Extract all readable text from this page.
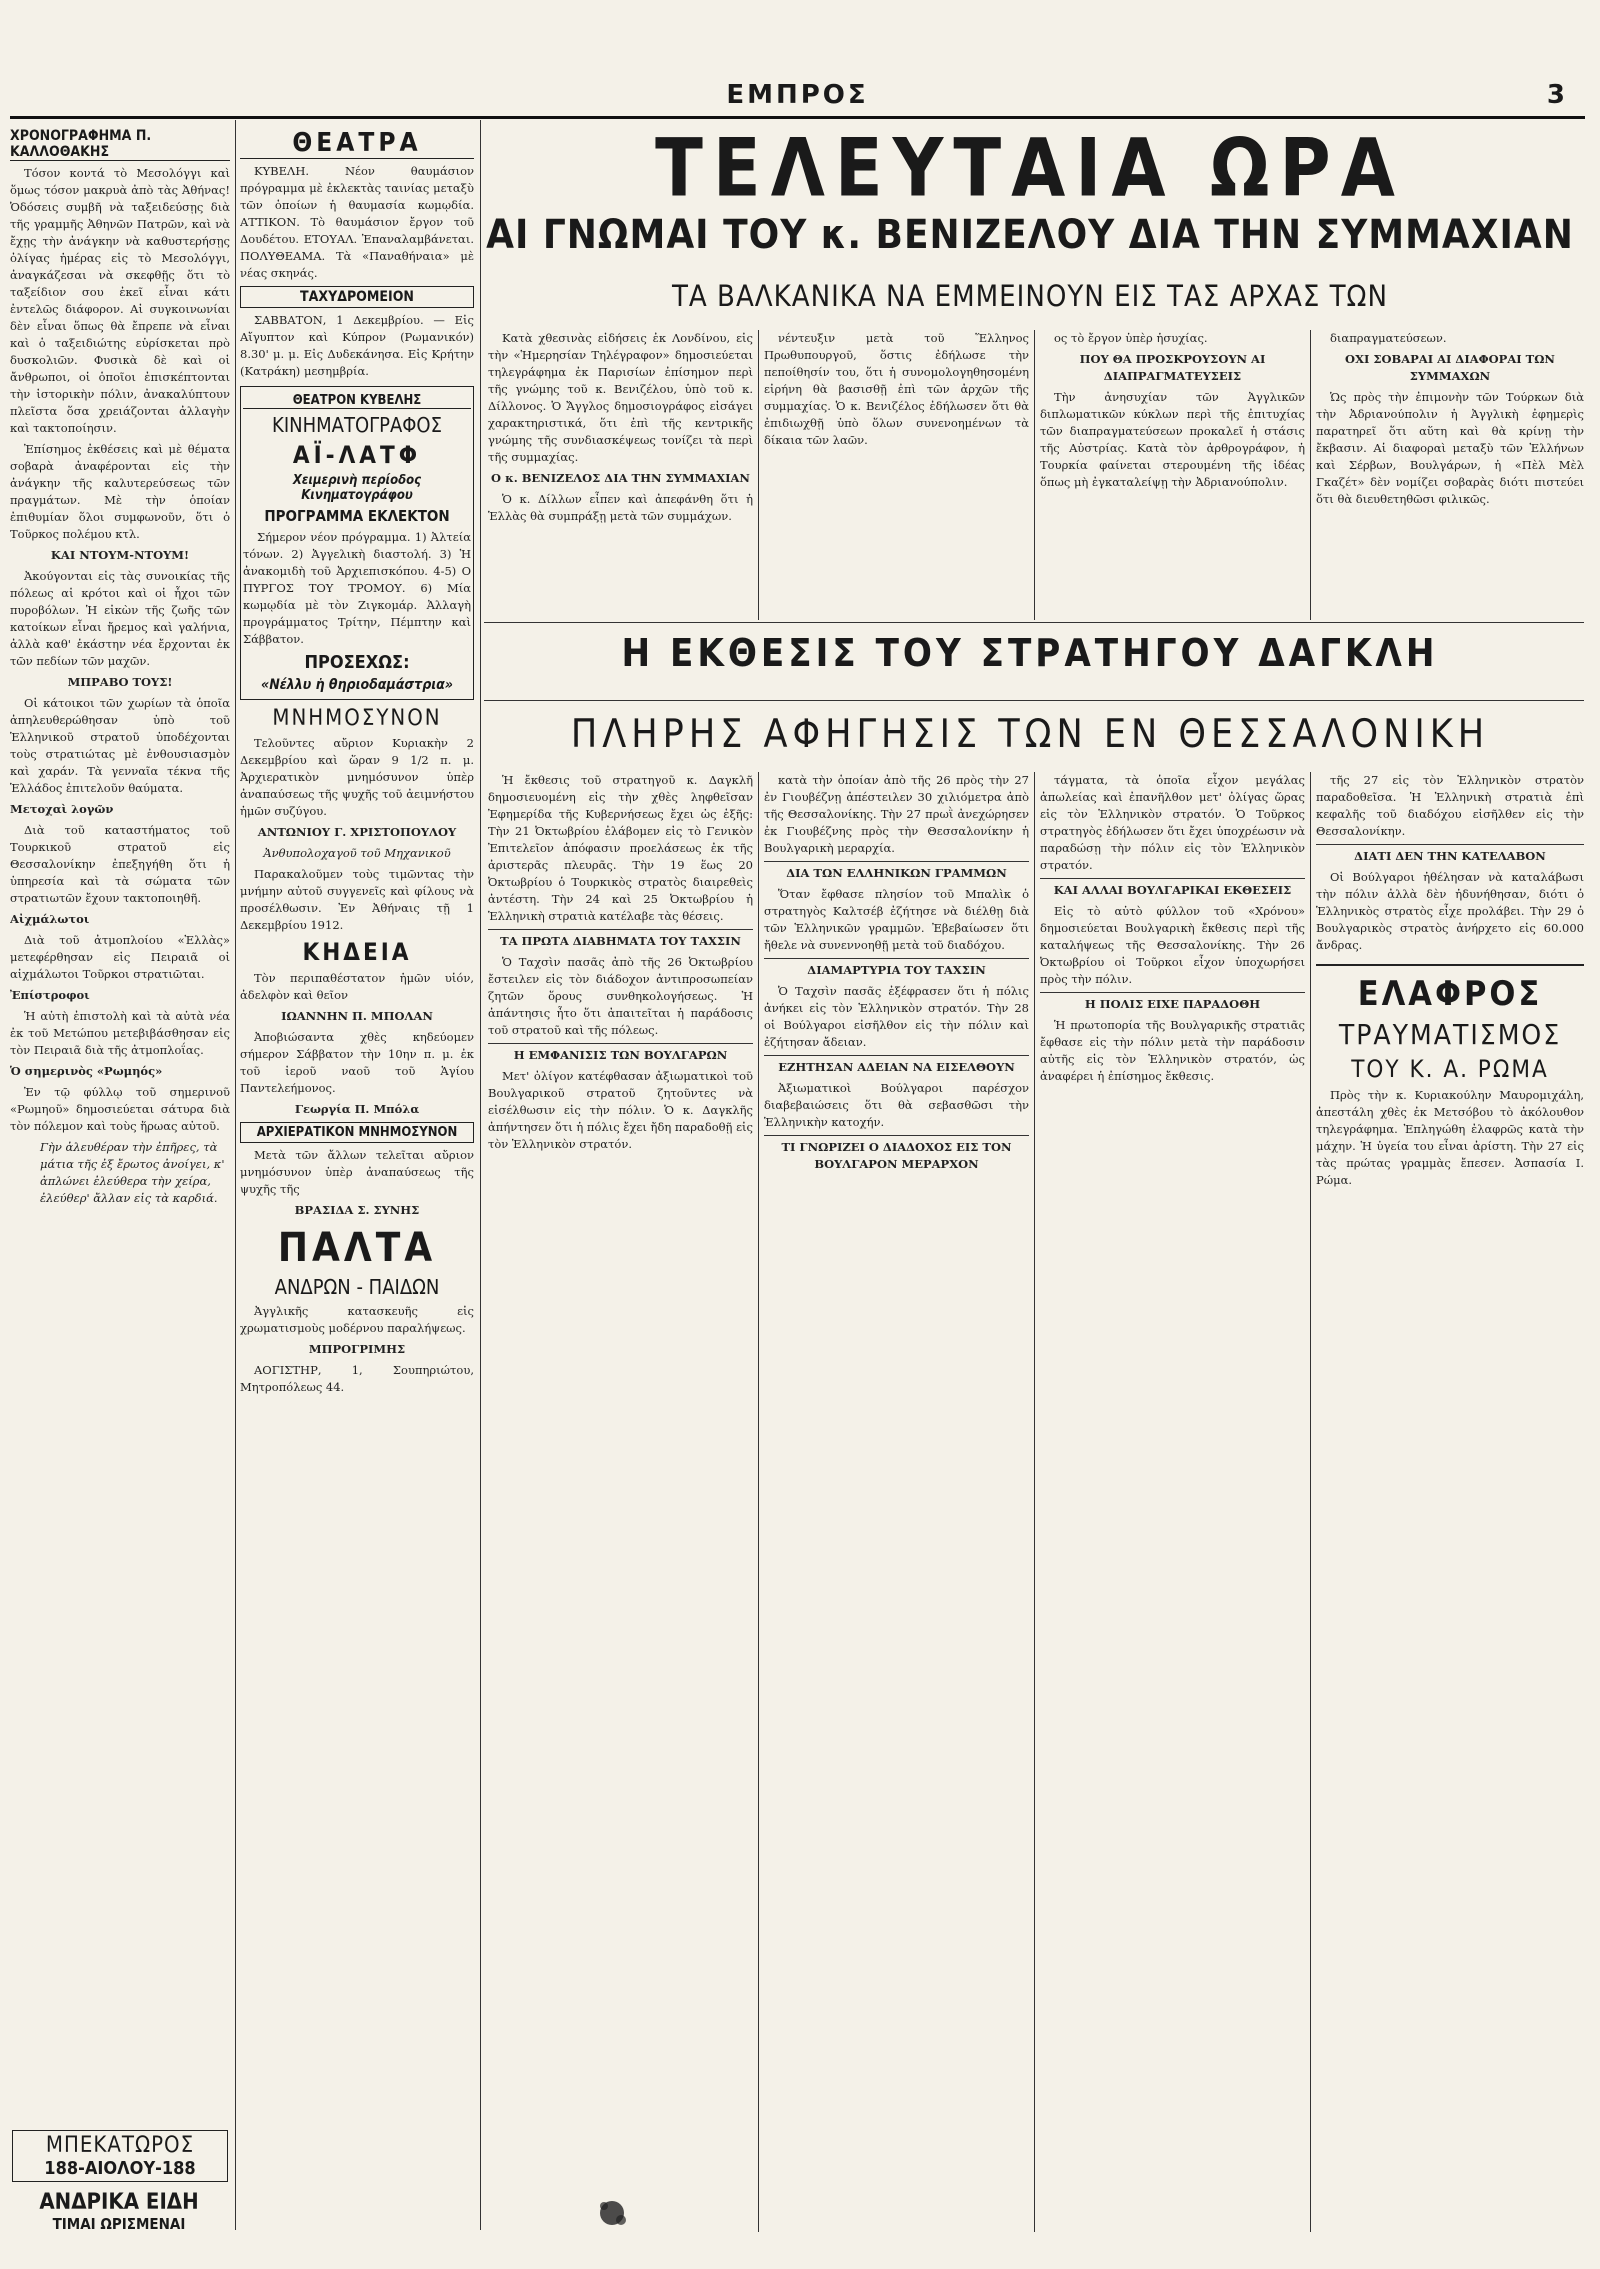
ΕΜΠΡΟΣ	3
ΧΡΟΝΟΓΡΑΦΗΜΑ Π. ΚΑΛΛΟΘΑΚΗΣ

Τόσον κοντά τὸ Μεσολόγγι καὶ ὅμως τόσον μακρυὰ ἀπὸ τὰς Ἀθήνας! Ὁδόσεις συμβῆ νὰ ταξειδεύσῃς διὰ τῆς γραμμῆς Ἀθηνῶν Πατρῶν, καὶ νὰ ἔχῃς τὴν ἀνάγκην νὰ καθυστερήσῃς ὀλίγας ἡμέρας εἰς τὸ Μεσολόγγι, ἀναγκάζεσαι νὰ σκεφθῇς ὅτι τὸ ταξείδιον σου ἐκεῖ εἶναι κάτι ἐντελῶς διάφορον. Αἱ συγκοινωνίαι δὲν εἶναι ὅπως θὰ ἔπρεπε νὰ εἶναι καὶ ὁ ταξειδιώτης εὑρίσκεται πρὸ δυσκολιῶν. Φυσικὰ δὲ καὶ οἱ ἄνθρωποι, οἱ ὁποῖοι ἐπισκέπτονται τὴν ἱστορικὴν πόλιν, ἀνακαλύπτουν πλεῖστα ὅσα χρειάζονται ἀλλαγὴν καὶ τακτοποίησιν.

Ἐπίσημος ἐκθέσεις καὶ μὲ θέματα σοβαρὰ ἀναφέρονται εἰς τὴν ἀνάγκην τῆς καλυτερεύσεως τῶν πραγμάτων. Μὲ τὴν ὁποίαν ἐπιθυμίαν ὅλοι συμφωνοῦν, ὅτι ὁ Τοῦρκος πολέμου κτλ.

ΚΑΙ ΝΤΟΥΜ-ΝΤΟΥΜ!

Ἀκούγονται εἰς τὰς συνοικίας τῆς πόλεως αἱ κρότοι καὶ οἱ ἦχοι τῶν πυροβόλων. Ἡ εἰκὼν τῆς ζωῆς τῶν κατοίκων εἶναι ἤρεμος καὶ γαλήνια, ἀλλὰ καθ' ἑκάστην νέα ἔρχονται ἐκ τῶν πεδίων τῶν μαχῶν.

ΜΠΡΑΒΟ ΤΟΥΣ!

Οἱ κάτοικοι τῶν χωρίων τὰ ὁποῖα ἀπηλευθερώθησαν ὑπὸ τοῦ Ἑλληνικοῦ στρατοῦ ὑποδέχονται τοὺς στρατιώτας μὲ ἐνθουσιασμὸν καὶ χαράν. Τὰ γενναῖα τέκνα τῆς Ἑλλάδος ἐπιτελοῦν θαύματα.

Μετοχαὶ λογῶν

Διὰ τοῦ καταστήματος τοῦ Τουρκικοῦ στρατοῦ εἰς Θεσσαλονίκην ἐπεξηγήθη ὅτι ἡ ὑπηρεσία καὶ τὰ σώματα τῶν στρατιωτῶν ἔχουν τακτοποιηθῆ.

Αἰχμάλωτοι

Διὰ τοῦ ἀτμοπλοίου «Ἑλλὰς» μετεφέρθησαν εἰς Πειραιᾶ οἱ αἰχμάλωτοι Τοῦρκοι στρατιῶται.

Ἐπίστροφοι

Ἡ αὐτὴ ἐπιστολὴ καὶ τὰ αὐτὰ νέα ἐκ τοῦ Μετώπου μετεβιβάσθησαν εἰς τὸν Πειραιᾶ διὰ τῆς ἀτμοπλοΐας.

Ὁ σημερινὸς «Ρωμηός»

Ἐν τῷ φύλλῳ τοῦ σημερινοῦ «Ρωμηοῦ» δημοσιεύεται σάτυρα διὰ τὸν πόλεμον καὶ τοὺς ἥρωας αὐτοῦ.

Γὴν ἀλευθέραν τὴν ἐπῆρες, τὰ μάτια τῆς ἐξ ἔρωτος ἀνοίγει, κ' ἀπλώνει ἐλεύθερα τὴν χείρα, ἐλεύθερ' ἄλλαν εἰς τὰ καρδιά.

ΜΠΕΚΑΤΩΡΟΣ
188-ΑΙΟΛΟΥ-188
ΑΝΔΡΙΚΑ ΕΙΔΗ
ΤΙΜΑΙ ΩΡΙΣΜΕΝΑΙ
ΘΕΑΤΡΑ

ΚΥΒΕΛΗ. Νέον θαυμάσιον πρόγραμμα μὲ ἐκλεκτὰς ταινίας μεταξὺ τῶν ὁποίων ἡ θαυμασία κωμῳδία. ΑΤΤΙΚΟΝ. Τὸ θαυμάσιον ἔργον τοῦ Δουδέτου. ΕΤΟΥΑΛ. Ἐπαναλαμβάνεται. ΠΟΛΥΘΕΑΜΑ. Τὰ «Παναθήναια» μὲ νέας σκηνάς.

ΤΑΧΥΔΡΟΜΕΙΟΝ

ΣΑΒΒΑΤΟΝ, 1 Δεκεμβρίου. — Εἰς Αἴγυπτον καὶ Κύπρον (Ρωμανικόν) 8.30' μ. μ. Εἰς Δυδεκάνησα. Εἰς Κρήτην (Κατράκη) μεσημβρία.

ΘΕΑΤΡΟΝ ΚΥΒΕΛΗΣ
ΚΙΝΗΜΑΤΟΓΡΑΦΟΣ
ΑΪ-ΛΑΤΦ
Χειμερινὴ περίοδος Κινηματογράφου
ΠΡΟΓΡΑΜΜΑ ΕΚΛΕΚΤΟΝ

Σήμερον νέον πρόγραμμα. 1) Ἀλτεία τόνων. 2) Ἀγγελικὴ διαστολή. 3) Ἡ ἀνακομιδὴ τοῦ Ἀρχιεπισκόπου. 4-5) Ο ΠΥΡΓΟΣ ΤΟΥ ΤΡΟΜΟΥ. 6) Μία κωμῳδία μὲ τὸν Ζιγκομάρ. Ἀλλαγὴ προγράμματος Τρίτην, Πέμπτην καὶ Σάββατον.

ΠΡΟΣΕΧΩΣ:
«Νέλλυ ἡ θηριοδαμάστρια»
ΜΝΗΜΟΣΥΝΟΝ

Τελοῦντες αὔριον Κυριακὴν 2 Δεκεμβρίου καὶ ὥραν 9 1/2 π. μ. Ἀρχιερατικὸν μνημόσυνον ὑπὲρ ἀναπαύσεως τῆς ψυχῆς τοῦ ἀειμνήστου ἡμῶν συζύγου.

ΑΝΤΩΝΙΟΥ Γ. ΧΡΙΣΤΟΠΟΥΛΟΥ

Ἀνθυπολοχαγοῦ τοῦ Μηχανικοῦ

Παρακαλοῦμεν τοὺς τιμῶντας τὴν μνήμην αὐτοῦ συγγενεῖς καὶ φίλους νὰ προσέλθωσιν. Ἐν Ἀθήναις τῇ 1 Δεκεμβρίου 1912.

ΚΗΔΕΙΑ

Τὸν περιπαθέστατον ἡμῶν υἱόν, ἀδελφὸν καὶ θεῖον

ΙΩΑΝΝΗΝ Π. ΜΠΟΛΑΝ

Ἀποβιώσαντα χθὲς κηδεύομεν σήμερον Σάββατον τὴν 10ην π. μ. ἐκ τοῦ ἱεροῦ ναοῦ τοῦ Ἁγίου Παντελεήμονος.

Γεωργία Π. Μπόλα

ΑΡΧΙΕΡΑΤΙΚΟΝ ΜΝΗΜΟΣΥΝΟΝ

Μετὰ τῶν ἄλλων τελεῖται αὔριον μνημόσυνον ὑπὲρ ἀναπαύσεως τῆς ψυχῆς τῆς

ΒΡΑΣΙΔΑ Σ. ΣΥΝΗΣ

ΠΑΛΤΑ
ΑΝΔΡΩΝ - ΠΑΙΔΩΝ

Ἀγγλικῆς κατασκευῆς εἰς χρωματισμοὺς μοδέρνου παραλήψεως.

ΜΠΡΟΓΡΙΜΗΣ

ΑΟΓΙΣΤΗΡ, 1, Σουπηριώτου, Μητροπόλεως 44.

ΤΕΛΕΥΤΑΙΑ ΩΡΑ
ΑΙ ΓΝΩΜΑΙ ΤΟΥ κ. ΒΕΝΙΖΕΛΟΥ ΔΙΑ ΤΗΝ ΣΥΜΜΑΧΙΑΝ
ΤΑ ΒΑΛΚΑΝΙΚΑ ΝΑ ΕΜΜΕΙΝΟΥΝ ΕΙΣ ΤΑΣ ΑΡΧΑΣ ΤΩΝ

Κατὰ χθεσινὰς εἰδήσεις ἐκ Λονδίνου, εἰς τὴν «Ἡμερησίαν Τηλέγραφον» δημοσιεύεται τηλεγράφημα ἐκ Παρισίων ἐπίσημον περὶ τῆς γνώμης τοῦ κ. Βενιζέλου, ὑπὸ τοῦ κ. Δίλλονος. Ὁ Ἄγγλος δημοσιογράφος εἰσάγει χαρακτηριστικά, ὅτι ἐπὶ τῆς κεντρικῆς γνώμης τῆς συνδιασκέψεως τονίζει τὰ περὶ τῆς συμμαχίας.

Ο κ. ΒΕΝΙΖΕΛΟΣ ΔΙΑ ΤΗΝ ΣΥΜΜΑΧΙΑΝ

Ὁ κ. Δίλλων εἶπεν καὶ ἀπεφάνθη ὅτι ἡ Ἑλλὰς θὰ συμπράξῃ μετὰ τῶν συμμάχων.

νέντευξιν μετὰ τοῦ Ἕλληνος Πρωθυπουργοῦ, ὅστις ἐδήλωσε τὴν πεποίθησίν του, ὅτι ἡ συνομολογηθησομένη εἰρήνη θὰ βασισθῇ ἐπὶ τῶν ἀρχῶν τῆς συμμαχίας. Ὁ κ. Βενιζέλος ἐδήλωσεν ὅτι θὰ ἐπιδιωχθῇ ὑπὸ ὅλων συνενοημένων τὰ δίκαια τῶν λαῶν.

ος τὸ ἔργον ὑπὲρ ἡσυχίας.

ΠΟΥ ΘΑ ΠΡΟΣΚΡΟΥΣΟΥΝ ΑΙ ΔΙΑΠΡΑΓΜΑΤΕΥΣΕΙΣ

Τὴν ἀνησυχίαν τῶν Ἀγγλικῶν διπλωματικῶν κύκλων περὶ τῆς ἐπιτυχίας τῶν διαπραγματεύσεων προκαλεῖ ἡ στάσις τῆς Αὐστρίας. Κατὰ τὸν ἀρθρογράφον, ἡ Τουρκία φαίνεται στερουμένη τῆς ἰδέας ὅπως μὴ ἐγκαταλείψῃ τὴν Ἀδριανούπολιν.

διαπραγματεύσεων.

ΟΧΙ ΣΟΒΑΡΑΙ ΑΙ ΔΙΑΦΟΡΑΙ ΤΩΝ ΣΥΜΜΑΧΩΝ

Ὡς πρὸς τὴν ἐπιμονὴν τῶν Τούρκων διὰ τὴν Ἀδριανούπολιν ἡ Ἀγγλικὴ ἐφημερὶς παρατηρεῖ ὅτι αὕτη καὶ θὰ κρίνῃ τὴν ἔκβασιν. Αἱ διαφοραὶ μεταξὺ τῶν Ἑλλήνων καὶ Σέρβων, Βουλγάρων, ἡ «Πὲλ Μὲλ Γκαζέτ» δὲν νομίζει σοβαρὰς διότι πιστεύει ὅτι θὰ διευθετηθῶσι φιλικῶς.

Η ΕΚΘΕΣΙΣ ΤΟΥ ΣΤΡΑΤΗΓΟΥ ΔΑΓΚΛΗ
ΠΛΗΡΗΣ ΑΦΗΓΗΣΙΣ ΤΩΝ ΕΝ ΘΕΣΣΑΛΟΝΙΚΗ

Ἡ ἔκθεσις τοῦ στρατηγοῦ κ. Δαγκλῆ δημοσιευομένη εἰς τὴν χθὲς ληφθεῖσαν Ἐφημερίδα τῆς Κυβερνήσεως ἔχει ὡς ἑξῆς: Τὴν 21 Ὀκτωβρίου ἐλάβομεν εἰς τὸ Γενικὸν Ἐπιτελεῖον ἀπόφασιν προελάσεως ἐκ τῆς ἀριστερᾶς πλευρᾶς. Τὴν 19 ἕως 20 Ὀκτωβρίου ὁ Τουρκικὸς στρατὸς διαιρεθεὶς ἀντέστη. Τὴν 24 καὶ 25 Ὀκτωβρίου ἡ Ἑλληνικὴ στρατιὰ κατέλαβε τὰς θέσεις.

ΤΑ ΠΡΩΤΑ ΔΙΑΒΗΜΑΤΑ ΤΟΥ ΤΑΧΣΙΝ

Ὁ Ταχσὶν πασᾶς ἀπὸ τῆς 26 Ὀκτωβρίου ἔστειλεν εἰς τὸν διάδοχον ἀντιπροσωπείαν ζητῶν ὅρους συνθηκολογήσεως. Ἡ ἀπάντησις ἦτο ὅτι ἀπαιτεῖται ἡ παράδοσις τοῦ στρατοῦ καὶ τῆς πόλεως.

Η ΕΜΦΑΝΙΣΙΣ ΤΩΝ ΒΟΥΛΓΑΡΩΝ

Μετ' ὀλίγον κατέφθασαν ἀξιωματικοὶ τοῦ Βουλγαρικοῦ στρατοῦ ζητοῦντες νὰ εἰσέλθωσιν εἰς τὴν πόλιν. Ὁ κ. Δαγκλῆς ἀπήντησεν ὅτι ἡ πόλις ἔχει ἤδη παραδοθῇ εἰς τὸν Ἑλληνικὸν στρατόν.

κατὰ τὴν ὁποίαν ἀπὸ τῆς 26 πρὸς τὴν 27 ἐν Γιουβέζνῃ ἀπέστειλεν 30 χιλιόμετρα ἀπὸ τῆς Θεσσαλονίκης. Τὴν 27 πρωῒ ἀνεχώρησεν ἐκ Γιουβέζνης πρὸς τὴν Θεσσαλονίκην ἡ Βουλγαρικὴ μεραρχία.

ΔΙΑ ΤΩΝ ΕΛΛΗΝΙΚΩΝ ΓΡΑΜΜΩΝ

Ὅταν ἔφθασε πλησίον τοῦ Μπαλὶκ ὁ στρατηγὸς Καλτσέβ ἐζήτησε νὰ διέλθῃ διὰ τῶν Ἑλληνικῶν γραμμῶν. Ἐβεβαίωσεν ὅτι ἤθελε νὰ συνεννοηθῇ μετὰ τοῦ διαδόχου.

ΔΙΑΜΑΡΤΥΡΙΑ ΤΟΥ ΤΑΧΣΙΝ

Ὁ Ταχσὶν πασᾶς ἐξέφρασεν ὅτι ἡ πόλις ἀνήκει εἰς τὸν Ἑλληνικὸν στρατόν. Τὴν 28 οἱ Βούλγαροι εἰσῆλθον εἰς τὴν πόλιν καὶ ἐζήτησαν ἄδειαν.

ΕΖΗΤΗΣΑΝ ΑΔΕΙΑΝ ΝΑ ΕΙΣΕΛΘΟΥΝ

Ἀξιωματικοὶ Βούλγαροι παρέσχον διαβεβαιώσεις ὅτι θὰ σεβασθῶσι τὴν Ἑλληνικὴν κατοχήν.

ΤΙ ΓΝΩΡΙΖΕΙ Ο ΔΙΑΔΟΧΟΣ ΕΙΣ ΤΟΝ ΒΟΥΛΓΑΡΟΝ ΜΕΡΑΡΧΟΝ

τάγματα, τὰ ὁποῖα εἶχον μεγάλας ἀπωλείας καὶ ἐπανῆλθον μετ' ὀλίγας ὥρας εἰς τὸν Ἑλληνικὸν στρατόν. Ὁ Τοῦρκος στρατηγὸς ἐδήλωσεν ὅτι ἔχει ὑποχρέωσιν νὰ παραδώσῃ τὴν πόλιν εἰς τὸν Ἑλληνικὸν στρατόν.

ΚΑΙ ΑΛΛΑΙ ΒΟΥΛΓΑΡΙΚΑΙ ΕΚΘΕΣΕΙΣ

Εἰς τὸ αὐτὸ φύλλον τοῦ «Χρόνου» δημοσιεύεται Βουλγαρικὴ ἔκθεσις περὶ τῆς καταλήψεως τῆς Θεσσαλονίκης. Τὴν 26 Ὀκτωβρίου οἱ Τοῦρκοι εἶχον ὑποχωρήσει πρὸς τὴν πόλιν.

Η ΠΟΛΙΣ ΕΙΧΕ ΠΑΡΑΔΟΘΗ

Ἡ πρωτοπορία τῆς Βουλγαρικῆς στρατιᾶς ἔφθασε εἰς τὴν πόλιν μετὰ τὴν παράδοσιν αὐτῆς εἰς τὸν Ἑλληνικὸν στρατόν, ὡς ἀναφέρει ἡ ἐπίσημος ἔκθεσις.

τῆς 27 εἰς τὸν Ἑλληνικὸν στρατὸν παραδοθεῖσα. Ἡ Ἑλληνικὴ στρατιὰ ἐπὶ κεφαλῆς τοῦ διαδόχου εἰσῆλθεν εἰς τὴν Θεσσαλονίκην.

ΔΙΑΤΙ ΔΕΝ ΤΗΝ ΚΑΤΕΛΑΒΟΝ

Οἱ Βούλγαροι ἠθέλησαν νὰ καταλάβωσι τὴν πόλιν ἀλλὰ δὲν ἠδυνήθησαν, διότι ὁ Ἑλληνικὸς στρατὸς εἶχε προλάβει. Τὴν 29 ὁ Βουλγαρικὸς στρατὸς ἀνήρχετο εἰς 60.000 ἄνδρας.

ΕΛΑΦΡΟΣ
ΤΡΑΥΜΑΤΙΣΜΟΣ
ΤΟΥ Κ. Α. ΡΩΜΑ

Πρὸς τὴν κ. Κυριακούλην Μαυρομιχάλη, ἀπεστάλη χθὲς ἐκ Μετσόβου τὸ ἀκόλουθον τηλεγράφημα. Ἐπληγώθη ἐλαφρῶς κατὰ τὴν μάχην. Ἡ ὑγεία του εἶναι ἀρίστη. Τὴν 27 εἰς τὰς πρώτας γραμμὰς ἔπεσεν. Ἀσπασία Ι. Ρώμα.
